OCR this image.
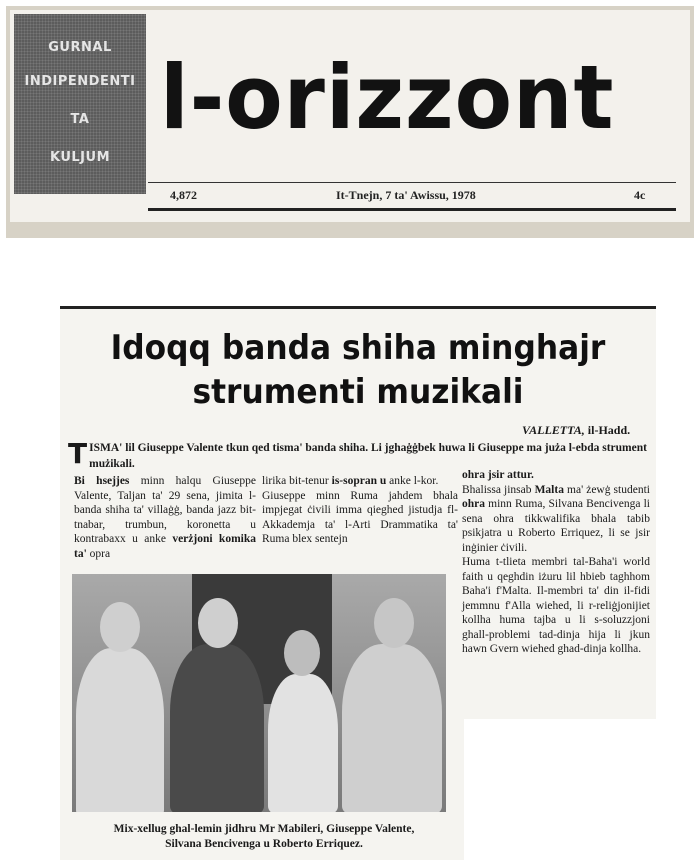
GURNAL
INDIPENDENTI
TA
KULJUM
l-orizzont
4,872	It-Tnejn, 7 ta' Awissu, 1978	4c
Idoqq banda shiha minghajr
strumenti muzikali
VALLETTA, il-Hadd.
TISMA' lil Giuseppe Valente tkun qed tisma' banda shiha. Li jghaġġbek huwa li Giuseppe ma juża l-ebda strument mużikali.
Bi hsejjes minn halqu Giuseppe Valente, Taljan ta' 29 sena, jimita l-banda shiha ta' villaġġ, banda jazz bit-tnabar, trumbun, koronetta u kontrabaxx u anke verżjoni komika ta' opra
lirika bit-tenur is-sopran u anke l-kor.
Giuseppe minn Ruma jahdem bhala impjegat ċivili imma qieghed jistudja fl-Akkademja ta' l-Arti Drammatika ta' Ruma blex sentejn
ohra jsir attur.
Bhalissa jinsab Malta ma' żewġ studenti ohra minn Ruma, Silvana Bencivenga li sena ohra tikkwalifika bhala tabib psikjatra u Roberto Erriquez, li se jsir inġinier ċivili.
Huma t-tlieta membri tal-Baha'i world faith u qeghdin iżuru lil hbieb taghhom Baha'i f'Malta. Il-membri ta' din il-fidi jemmnu f'Alla wiehed, li r-reliġjonijiet kollha huma tajba u li s-soluzzjoni ghall-problemi tad-dinja hija li jkun hawn Gvern wiehed ghad-dinja kollha.
Mix-xellug ghal-lemin jidhru Mr Mabileri, Giuseppe Valente,
Silvana Bencivenga u Roberto Erriquez.
